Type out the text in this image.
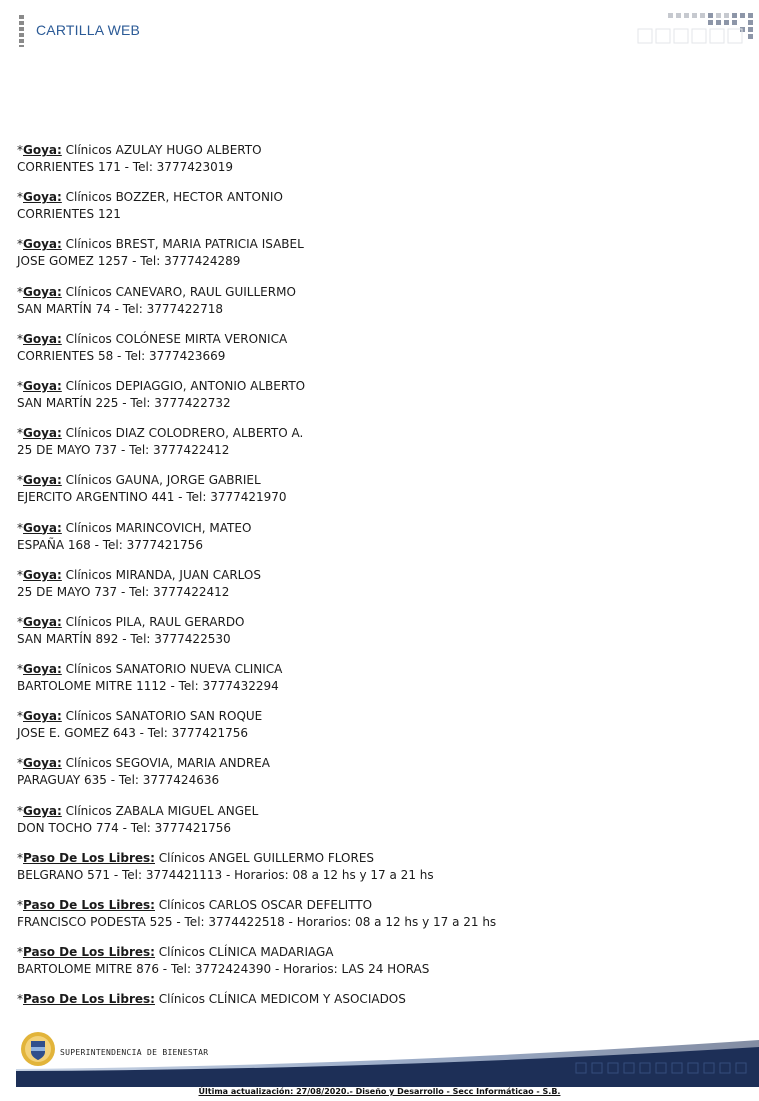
CARTILLA WEB
*Goya: Clínicos AZULAY HUGO ALBERTO
CORRIENTES 171 - Tel: 3777423019
*Goya: Clínicos BOZZER, HECTOR ANTONIO
CORRIENTES 121
*Goya: Clínicos BREST, MARIA PATRICIA ISABEL
JOSE GOMEZ 1257 - Tel: 3777424289
*Goya: Clínicos CANEVARO, RAUL GUILLERMO
SAN MARTÍN 74 - Tel: 3777422718
*Goya: Clínicos COLÓNESE MIRTA VERONICA
CORRIENTES 58 - Tel: 3777423669
*Goya: Clínicos DEPIAGGIO, ANTONIO ALBERTO
SAN MARTÍN 225 - Tel: 3777422732
*Goya: Clínicos DIAZ COLODRERO, ALBERTO A.
25 DE MAYO 737 - Tel: 3777422412
*Goya: Clínicos GAUNA, JORGE GABRIEL
EJERCITO ARGENTINO 441 - Tel: 3777421970
*Goya: Clínicos MARINCOVICH, MATEO
ESPAÑA 168 - Tel: 3777421756
*Goya: Clínicos MIRANDA, JUAN CARLOS
25 DE MAYO 737 - Tel: 3777422412
*Goya: Clínicos PILA, RAUL GERARDO
SAN MARTÍN 892 - Tel: 3777422530
*Goya: Clínicos SANATORIO NUEVA CLINICA
BARTOLOME MITRE 1112 - Tel: 3777432294
*Goya: Clínicos SANATORIO SAN ROQUE
JOSE E. GOMEZ 643 - Tel: 3777421756
*Goya: Clínicos SEGOVIA, MARIA ANDREA
PARAGUAY 635 - Tel: 3777424636
*Goya: Clínicos ZABALA MIGUEL ANGEL
DON TOCHO 774 - Tel: 3777421756
*Paso De Los Libres: Clínicos ANGEL GUILLERMO FLORES
BELGRANO 571 - Tel: 3774421113 - Horarios: 08 a 12 hs y 17 a 21 hs
*Paso De Los Libres: Clínicos CARLOS OSCAR DEFELITTO
FRANCISCO PODESTA 525 - Tel: 3774422518 - Horarios: 08 a 12 hs y 17 a 21 hs
*Paso De Los Libres: Clínicos CLÍNICA MADARIAGA
BARTOLOME MITRE 876 - Tel: 3772424390 - Horarios: LAS 24 HORAS
*Paso De Los Libres: Clínicos CLÍNICA MEDICOM Y ASOCIADOS
SUPERINTENDENCIA DE BIENESTAR
Última actualización: 27/08/2020.- Diseño y Desarrollo - Secc Informáticao - S.B.
